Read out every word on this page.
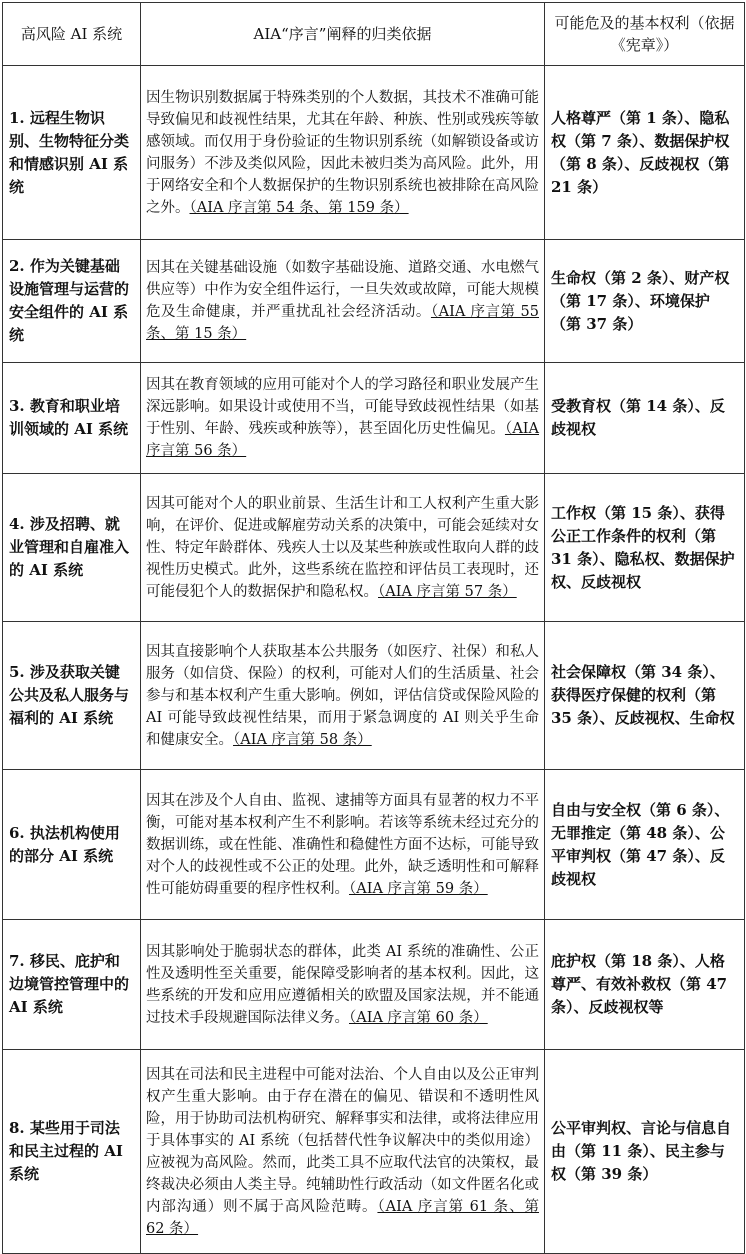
高风险 AI 系统	AIA“序言”阐释的归类依据	可能危及的基本权利（依据《宪章》）
1. 远程生物识别、生物特征分类和情感识别 AI 系统	因生物识别数据属于特殊类别的个人数据，其技术不准确可能导致偏见和歧视性结果，尤其在年龄、种族、性别或残疾等敏感领域。而仅用于身份验证的生物识别系统（如解锁设备或访问服务）不涉及类似风险，因此未被归类为高风险。此外，用于网络安全和个人数据保护的生物识别系统也被排除在高风险之外。（AIA 序言第 54 条、第 159 条）	人格尊严（第 1 条）、隐私权（第 7 条）、数据保护权（第 8 条）、反歧视权（第 21 条）
2. 作为关键基础设施管理与运营的安全组件的 AI 系统	因其在关键基础设施（如数字基础设施、道路交通、水电燃气供应等）中作为安全组件运行，一旦失效或故障，可能大规模危及生命健康，并严重扰乱社会经济活动。（AIA 序言第 55 条、第 15 条）	生命权（第 2 条）、财产权（第 17 条）、环境保护（第 37 条）
3. 教育和职业培训领域的 AI 系统	因其在教育领域的应用可能对个人的学习路径和职业发展产生深远影响。如果设计或使用不当，可能导致歧视性结果（如基于性别、年龄、残疾或种族等），甚至固化历史性偏见。（AIA 序言第 56 条）	受教育权（第 14 条）、反歧视权
4. 涉及招聘、就业管理和自雇准入的 AI 系统	因其可能对个人的职业前景、生活生计和工人权利产生重大影响，在评价、促进或解雇劳动关系的决策中，可能会延续对女性、特定年龄群体、残疾人士以及某些种族或性取向人群的歧视性历史模式。此外，这些系统在监控和评估员工表现时，还可能侵犯个人的数据保护和隐私权。（AIA 序言第 57 条）	工作权（第 15 条）、获得公正工作条件的权利（第 31 条）、隐私权、数据保护权、反歧视权
5. 涉及获取关键公共及私人服务与福利的 AI 系统	因其直接影响个人获取基本公共服务（如医疗、社保）和私人服务（如信贷、保险）的权利，可能对人们的生活质量、社会参与和基本权利产生重大影响。例如，评估信贷或保险风险的 AI 可能导致歧视性结果，而用于紧急调度的 AI 则关乎生命和健康安全。（AIA 序言第 58 条）	社会保障权（第 34 条）、获得医疗保健的权利（第 35 条）、反歧视权、生命权
6. 执法机构使用的部分 AI 系统	因其在涉及个人自由、监视、逮捕等方面具有显著的权力不平衡，可能对基本权利产生不利影响。若该等系统未经过充分的数据训练，或在性能、准确性和稳健性方面不达标，可能导致对个人的歧视性或不公正的处理。此外，缺乏透明性和可解释性可能妨碍重要的程序性权利。（AIA 序言第 59 条）	自由与安全权（第 6 条）、无罪推定（第 48 条）、公平审判权（第 47 条）、反歧视权
7. 移民、庇护和边境管控管理中的 AI 系统	因其影响处于脆弱状态的群体，此类 AI 系统的准确性、公正性及透明性至关重要，能保障受影响者的基本权利。因此，这些系统的开发和应用应遵循相关的欧盟及国家法规，并不能通过技术手段规避国际法律义务。（AIA 序言第 60 条）	庇护权（第 18 条）、人格尊严、有效补救权（第 47 条）、反歧视权等
8. 某些用于司法和民主过程的 AI 系统	因其在司法和民主进程中可能对法治、个人自由以及公正审判权产生重大影响。由于存在潜在的偏见、错误和不透明性风险，用于协助司法机构研究、解释事实和法律，或将法律应用于具体事实的 AI 系统（包括替代性争议解决中的类似用途）应被视为高风险。然而，此类工具不应取代法官的决策权，最终裁决必须由人类主导。纯辅助性行政活动（如文件匿名化或内部沟通）则不属于高风险范畴。（AIA 序言第 61 条、第 62 条）	公平审判权、言论与信息自由（第 11 条）、民主参与权（第 39 条）
